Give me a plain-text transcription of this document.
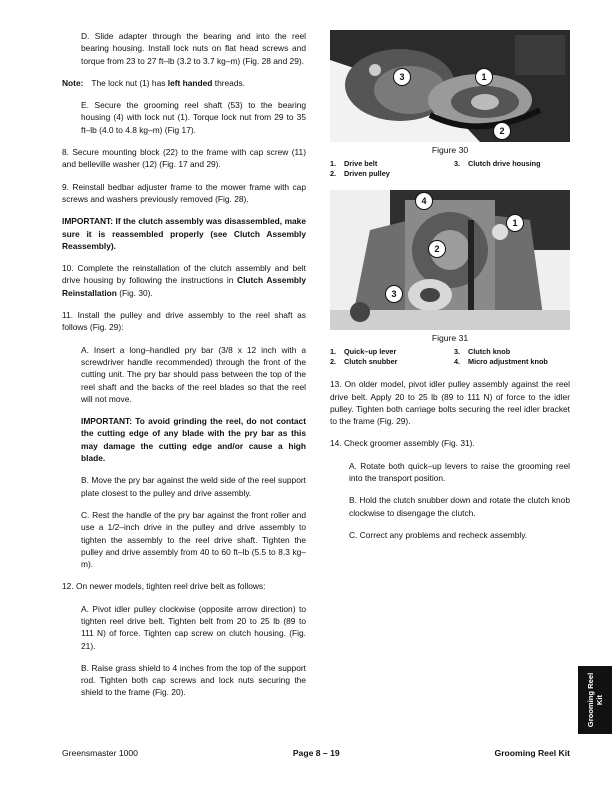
D. Slide adapter through the bearing and into the reel bearing housing. Install lock nuts on flat head screws and torque from 23 to 27 ft–lb (3.2 to 3.7 kg–m) (Fig. 28 and 29).

Note: The lock nut (1) has left handed threads.

E. Secure the grooming reel shaft (53) to the bearing housing (4) with lock nut (1). Torque lock nut from 29 to 35 ft–lb (4.0 to 4.8 kg–m) (Fig 17).

8. Secure mounting block (22) to the frame with cap screw (11) and belleville washer (12) (Fig. 17 and 29).

9. Reinstall bedbar adjuster frame to the mower frame with cap screws and washers previously removed (Fig. 28).

IMPORTANT: If the clutch assembly was disassembled, make sure it is reassembled properly (see Clutch Assembly Reassembly).

10. Complete the reinstallation of the clutch assembly and belt drive housing by following the instructions in Clutch Assembly Reinstallation (Fig. 30).

11. Install the pulley and drive assembly to the reel shaft as follows (Fig. 29):

A. Insert a long–handled pry bar (3/8 x 12 inch with a screwdriver handle recommended) through the front of the cutting unit. The pry bar should pass between the top of the reel shaft and the backs of the reel blades so that the reel will not move.

IMPORTANT: To avoid grinding the reel, do not contact the cutting edge of any blade with the pry bar as this may damage the cutting edge and/or cause a high blade.

B. Move the pry bar against the weld side of the reel support plate closest to the pulley and drive assembly.

C. Rest the handle of the pry bar against the front roller and use a 1/2–inch drive in the pulley and drive assembly to tighten the assembly to the reel drive shaft. Tighten the pulley and drive assembly from 40 to 60 ft–lb (5.5 to 8.3 kg–m).

12. On newer models, tighten reel drive belt as follows:

A. Pivot idler pulley clockwise (opposite arrow direction) to tighten reel drive belt. Tighten belt from 20 to 25 lb (89 to 111 N) of force. Tighten cap screw on clutch housing. (Fig. 21).

B. Raise grass shield to 4 inches from the top of the support rod. Tighten both cap screws and lock nuts securing the shield to the frame (Fig. 20).

3	1
2
Figure 30
1. Drive belt	3. Clutch drive housing
2. Driven pulley
4
1
2
3
Figure 31
1. Quick–up lever	3. Clutch knob
2. Clutch snubber	4. Micro adjustment knob

13. On older model, pivot idler pulley assembly against the reel drive belt. Apply 20 to 25 lb (89 to 111 N) of force to the idler pulley. Tighten both carriage bolts securing the reel idler bracket to the frame (Fig. 29).

14. Check groomer assembly (Fig. 31).

A. Rotate both quick–up levers to raise the grooming reel into the transport position.

B. Hold the clutch snubber down and rotate the clutch knob clockwise to disengage the clutch.

C. Correct any problems and recheck assembly.

Grooming Reel Kit
Greensmaster 1000	Page 8 – 19	Grooming Reel Kit
